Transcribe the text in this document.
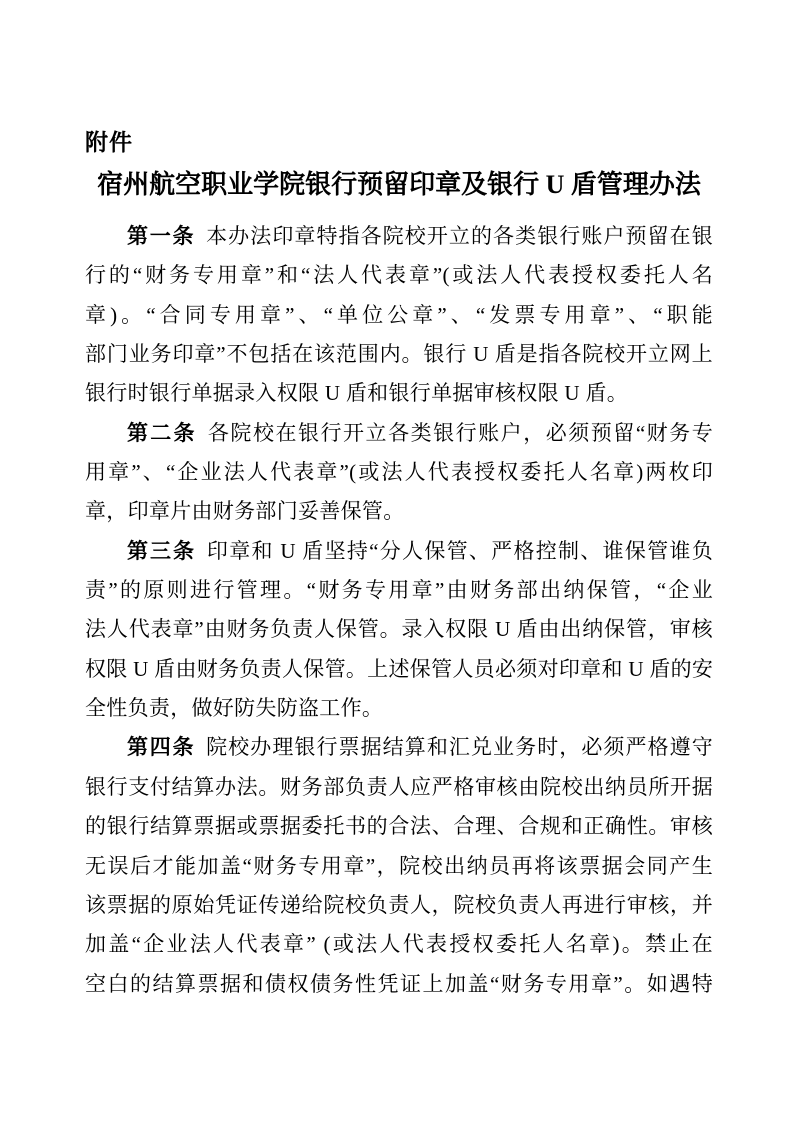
附件
宿州航空职业学院银行预留印章及银行 U 盾管理办法
第一条 本办法印章特指各院校开立的各类银行账户预留在银
行的“财务专用章”和“法人代表章”(或法人代表授权委托人名
章)。“合同专用章”、“单位公章”、“发票专用章”、“职能
部门业务印章”不包括在该范围内。银行 U 盾是指各院校开立网上
银行时银行单据录入权限 U 盾和银行单据审核权限 U 盾。
第二条 各院校在银行开立各类银行账户，必须预留“财务专
用章”、“企业法人代表章”(或法人代表授权委托人名章)两枚印
章，印章片由财务部门妥善保管。
第三条 印章和 U 盾坚持“分人保管、严格控制、谁保管谁负
责”的原则进行管理。“财务专用章”由财务部出纳保管，“企业
法人代表章”由财务负责人保管。录入权限 U 盾由出纳保管，审核
权限 U 盾由财务负责人保管。上述保管人员必须对印章和 U 盾的安
全性负责，做好防失防盗工作。
第四条 院校办理银行票据结算和汇兑业务时，必须严格遵守
银行支付结算办法。财务部负责人应严格审核由院校出纳员所开据
的银行结算票据或票据委托书的合法、合理、合规和正确性。审核
无误后才能加盖“财务专用章”，院校出纳员再将该票据会同产生
该票据的原始凭证传递给院校负责人，院校负责人再进行审核，并
加盖“企业法人代表章” (或法人代表授权委托人名章)。禁止在
空白的结算票据和债权债务性凭证上加盖“财务专用章”。如遇特
